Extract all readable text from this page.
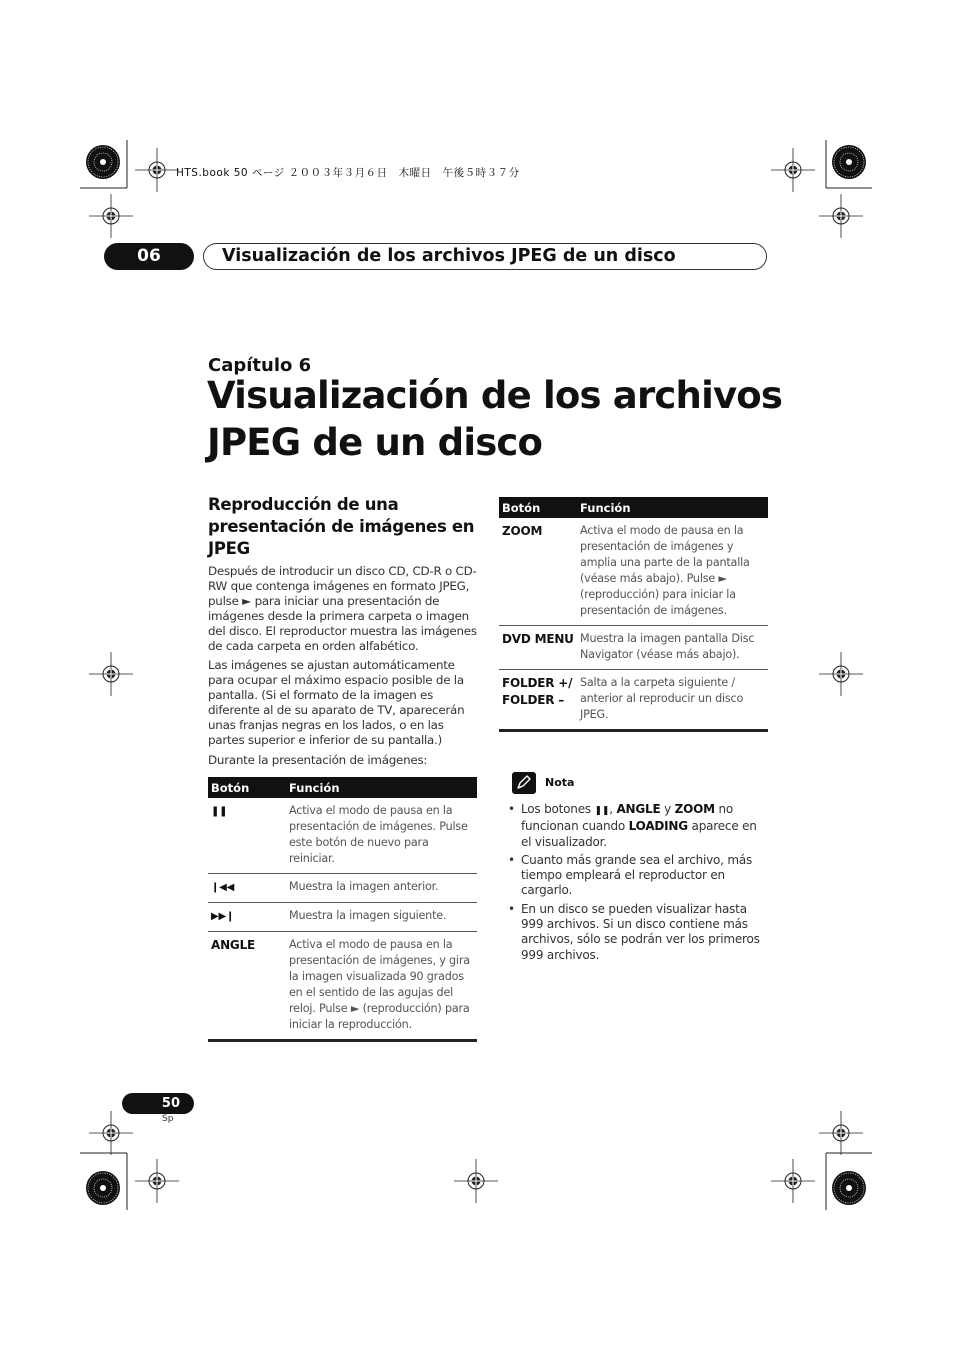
HTS.book 50 ページ ２００３年３月６日　木曜日　午後５時３７分
06	Visualización de los archivos JPEG de un disco
Capítulo 6
Visualización de los archivos
JPEG de un disco
Reproducción de una presentación de imágenes en JPEG
Después de introducir un disco CD, CD-R o CD-RW que contenga imágenes en formato JPEG, pulse ► para iniciar una presentación de imágenes desde la primera carpeta o imagen del disco. El reproductor muestra las imágenes de cada carpeta en orden alfabético.
Las imágenes se ajustan automáticamente para ocupar el máximo espacio posible de la pantalla. (Si el formato de la imagen es diferente al de su aparato de TV, aparecerán unas franjas negras en los lados, o en las partes superior e inferior de su pantalla.)
Durante la presentación de imágenes:
Botón	Función
❚❚	Activa el modo de pausa en la presentación de imágenes. Pulse este botón de nuevo para reiniciar.
❙◀◀	Muestra la imagen anterior.
▶▶❙	Muestra la imagen siguiente.
ANGLE	Activa el modo de pausa en la presentación de imágenes, y gira la imagen visualizada 90 grados en el sentido de las agujas del reloj. Pulse ► (reproducción) para iniciar la reproducción.
Botón	Función
ZOOM	Activa el modo de pausa en la presentación de imágenes y amplia una parte de la pantalla (véase más abajo). Pulse ► (reproducción) para iniciar la presentación de imágenes.
DVD MENU	Muestra la imagen pantalla Disc Navigator (véase más abajo).
FOLDER +/ FOLDER –	Salta a la carpeta siguiente / anterior al reproducir un disco JPEG.
Nota
• Los botones ❚❚, ANGLE y ZOOM no funcionan cuando LOADING aparece en el visualizador.
• Cuanto más grande sea el archivo, más tiempo empleará el reproductor en cargarlo.
• En un disco se pueden visualizar hasta 999 archivos. Si un disco contiene más archivos, sólo se podrán ver los primeros 999 archivos.
50
Sp
